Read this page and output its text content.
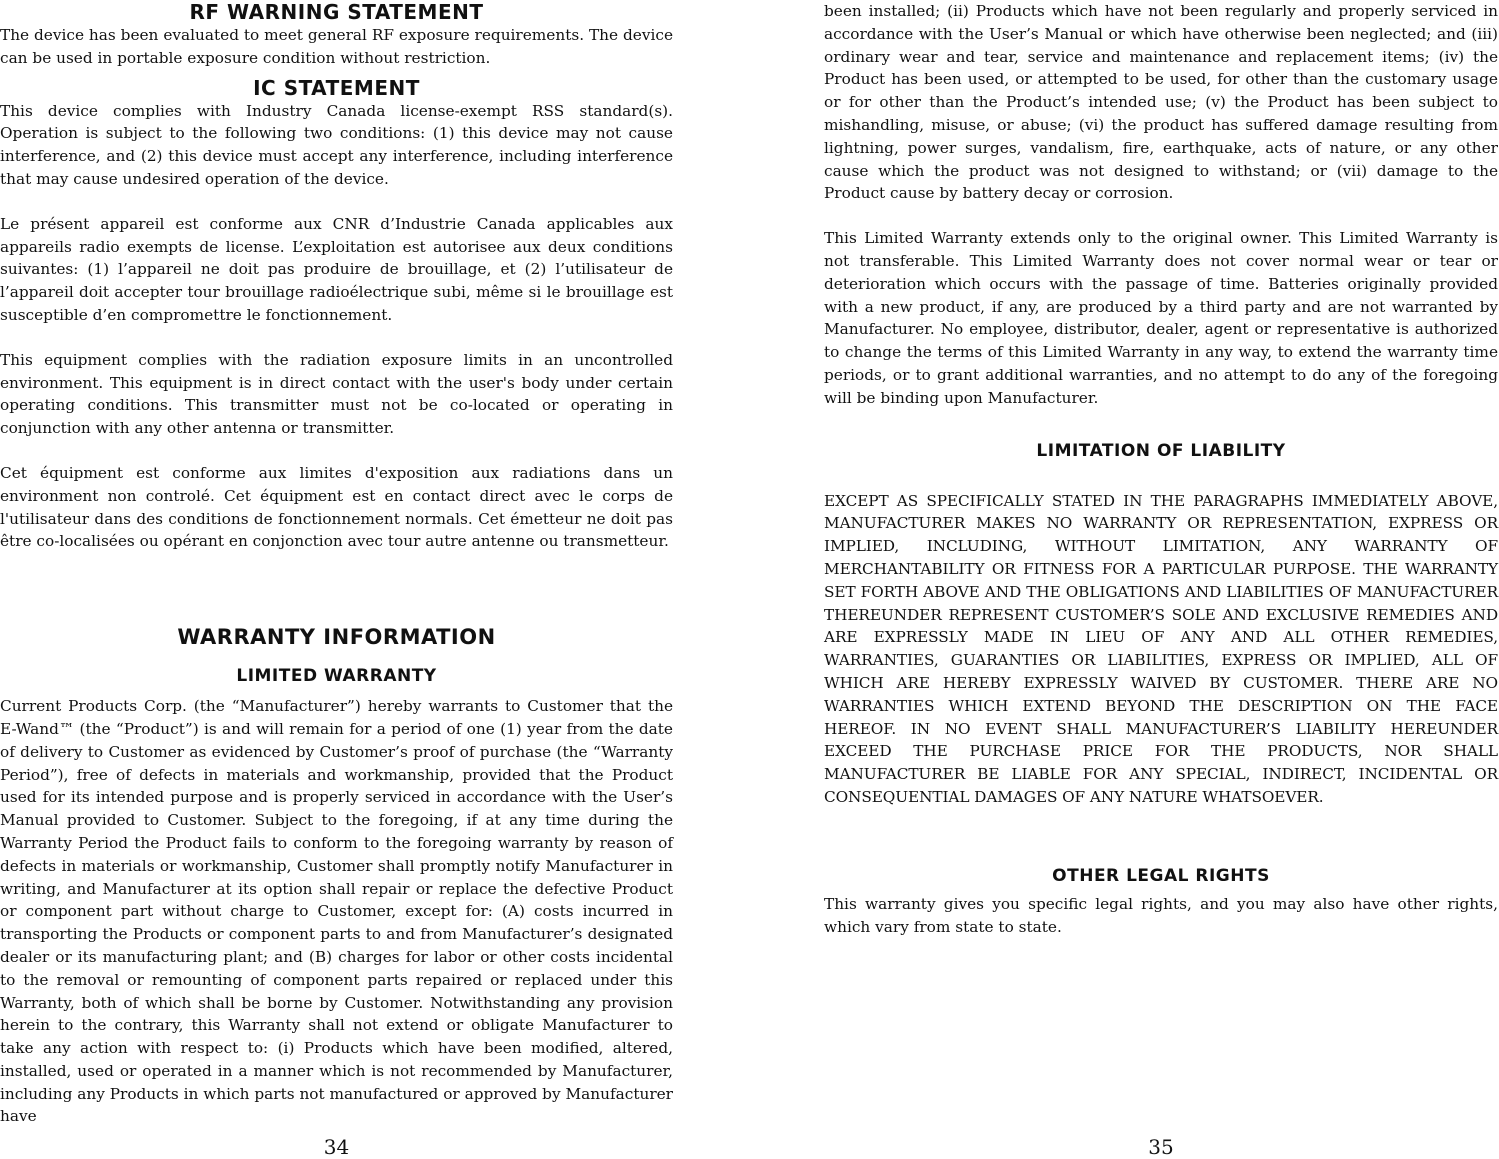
RF WARNING STATEMENT

The device has been evaluated to meet general RF exposure requirements. The device can be used in portable exposure condition without restriction.

IC STATEMENT

This device complies with Industry Canada license-exempt RSS standard(s). Operation is subject to the following two conditions: (1) this device may not cause interference, and (2) this device must accept any interference, including interference that may cause undesired operation of the device.

Le présent appareil est conforme aux CNR d’Industrie Canada applicables aux appareils radio exempts de license. L’exploitation est autorisee aux deux conditions suivantes: (1) l’appareil ne doit pas produire de brouillage, et (2) l’utilisateur de l’appareil doit accepter tour brouillage radioélectrique subi, même si le brouillage est susceptible d’en compromettre le fonctionnement.

This equipment complies with the radiation exposure limits in an uncontrolled environment. This equipment is in direct contact with the user's body under certain operating conditions. This transmitter must not be co-located or operating in conjunction with any other antenna or transmitter.

Cet équipment est conforme aux limites d'exposition aux radiations dans un environment non controlé. Cet équipment est en contact direct avec le corps de l'utilisateur dans des conditions de fonctionnement normals. Cet émetteur ne doit pas être co-localisées ou opérant en conjonction avec tour autre antenne ou transmetteur.

WARRANTY INFORMATION
LIMITED WARRANTY

Current Products Corp. (the “Manufacturer”) hereby warrants to Customer that the E-Wand™ (the “Product”) is and will remain for a period of one (1) year from the date of delivery to Customer as evidenced by Customer’s proof of purchase (the “Warranty Period”), free of defects in materials and workmanship, provided that the Product used for its intended purpose and is properly serviced in accordance with the User’s Manual provided to Customer. Subject to the foregoing, if at any time during the Warranty Period the Product fails to conform to the foregoing warranty by reason of defects in materials or workmanship, Customer shall promptly notify Manufacturer in writing, and Manufacturer at its option shall repair or replace the defective Product or component part without charge to Customer, except for: (A) costs incurred in transporting the Products or component parts to and from Manufacturer’s designated dealer or its manufacturing plant; and (B) charges for labor or other costs incidental to the removal or remounting of component parts repaired or replaced under this Warranty, both of which shall be borne by Customer. Notwithstanding any provision herein to the contrary, this Warranty shall not extend or obligate Manufacturer to take any action with respect to: (i) Products which have been modified, altered, installed, used or operated in a manner which is not recommended by Manufacturer, including any Products in which parts not manufactured or approved by Manufacturer have

34

been installed; (ii) Products which have not been regularly and properly serviced in accordance with the User’s Manual or which have otherwise been neglected; and (iii) ordinary wear and tear, service and maintenance and replacement items; (iv) the Product has been used, or attempted to be used, for other than the customary usage or for other than the Product’s intended use; (v) the Product has been subject to mishandling, misuse, or abuse; (vi) the product has suffered damage resulting from lightning, power surges, vandalism, fire, earthquake, acts of nature, or any other cause which the product was not designed to withstand; or (vii) damage to the Product cause by battery decay or corrosion.

This Limited Warranty extends only to the original owner. This Limited Warranty is not transferable. This Limited Warranty does not cover normal wear or tear or deterioration which occurs with the passage of time. Batteries originally provided with a new product, if any, are produced by a third party and are not warranted by Manufacturer. No employee, distributor, dealer, agent or representative is authorized to change the terms of this Limited Warranty in any way, to extend the warranty time periods, or to grant additional warranties, and no attempt to do any of the foregoing will be binding upon Manufacturer.

LIMITATION OF LIABILITY

EXCEPT AS SPECIFICALLY STATED IN THE PARAGRAPHS IMMEDIATELY ABOVE, MANUFACTURER MAKES NO WARRANTY OR REPRESENTATION, EXPRESS OR IMPLIED, INCLUDING, WITHOUT LIMITATION, ANY WARRANTY OF MERCHANTABILITY OR FITNESS FOR A PARTICULAR PURPOSE. THE WARRANTY SET FORTH ABOVE AND THE OBLIGATIONS AND LIABILITIES OF MANUFACTURER THEREUNDER REPRESENT CUSTOMER’S SOLE AND EXCLUSIVE REMEDIES AND ARE EXPRESSLY MADE IN LIEU OF ANY AND ALL OTHER REMEDIES, WARRANTIES, GUARANTIES OR LIABILITIES, EXPRESS OR IMPLIED, ALL OF WHICH ARE HEREBY EXPRESSLY WAIVED BY CUSTOMER. THERE ARE NO WARRANTIES WHICH EXTEND BEYOND THE DESCRIPTION ON THE FACE HEREOF. IN NO EVENT SHALL MANUFACTURER’S LIABILITY HEREUNDER EXCEED THE PURCHASE PRICE FOR THE PRODUCTS, NOR SHALL MANUFACTURER BE LIABLE FOR ANY SPECIAL, INDIRECT, INCIDENTAL OR CONSEQUENTIAL DAMAGES OF ANY NATURE WHATSOEVER.

OTHER LEGAL RIGHTS

This warranty gives you specific legal rights, and you may also have other rights, which vary from state to state.

35
